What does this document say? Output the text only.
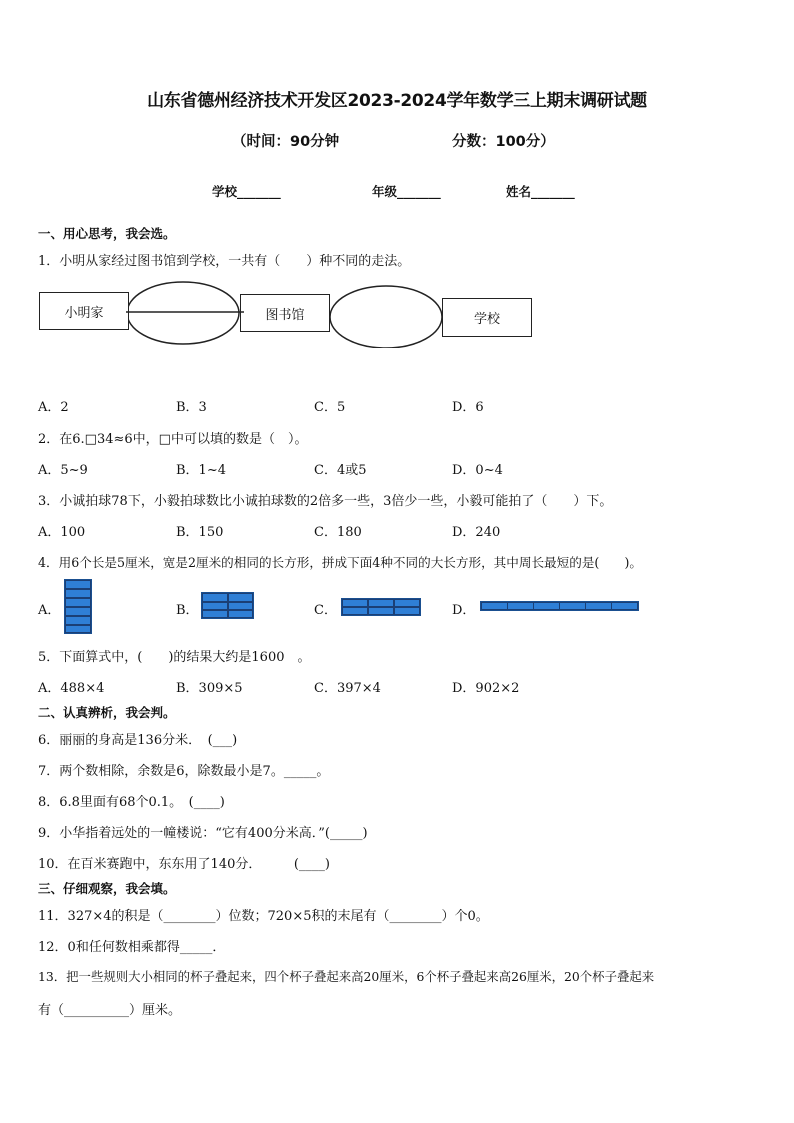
山东省德州经济技术开发区2023-2024学年数学三上期末调研试题
（时间：90分钟	分数：100分）
学校_______	年级_______	姓名_______
一、用心思考，我会选。
1．小明从家经过图书馆到学校，一共有（　　）种不同的走法。
小明家	图书馆	学校
A．2	B．3	C．5	D．6
2．在6.□34≈6中，□中可以填的数是（　）。
A．5~9	B．1~4	C．4或5	D．0~4
3．小诚拍球78下，小毅拍球数比小诚拍球数的2倍多一些，3倍少一些，小毅可能拍了（　　）下。
A．100	B．150	C．180	D．240
4．用6个长是5厘米，宽是2厘米的相同的长方形，拼成下面4种不同的大长方形，其中周长最短的是(　　)。
A．	B．	C．	D．
5．下面算式中，(　　)的结果大约是1600　。
A．488×4	B．309×5	C．397×4	D．902×2
二、认真辨析，我会判。
6．丽丽的身高是136分米．　(___)
7．两个数相除，余数是6，除数最小是7。_____。
8．6.8里面有68个0.1。　(____)
9．小华指着远处的一幢楼说：“它有400分米高．”(_____)
10．在百米赛跑中，东东用了140分．　　　(____)
三、仔细观察，我会填。
11．327×4的积是（________）位数；720×5积的末尾有（________）个0。
12．0和任何数相乘都得_____．
13．把一些规则大小相同的杯子叠起来，四个杯子叠起来高20厘米，6个杯子叠起来高26厘米，20个杯子叠起来
有（__________）厘米。
